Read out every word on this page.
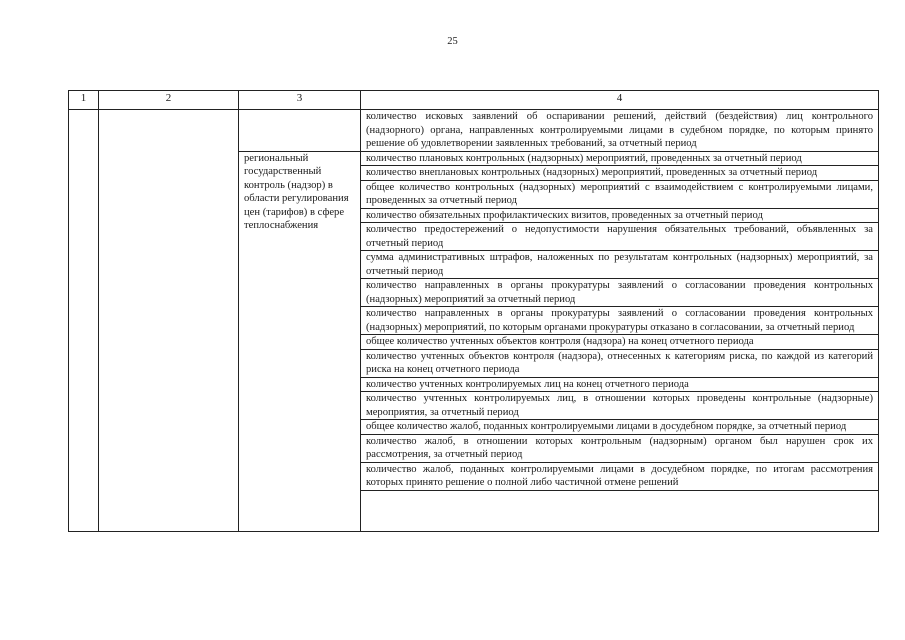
25
1	2	3	4
			количество исковых заявлений об оспаривании решений, действий (бездействия) лиц контрольного (надзорного) органа, направленных контролируемыми лицами в судебном порядке, по которым принято решение об удовлетворении заявленных требований, за отчетный период
		региональный государственный контроль (надзор) в области регулирования цен (тарифов) в сфере теплоснабжения	количество плановых контрольных (надзорных) мероприятий, проведенных за отчетный период
			количество внеплановых контрольных (надзорных) мероприятий, проведенных за отчетный период
			общее количество контрольных (надзорных) мероприятий с взаимодействием с контролируемыми лицами, проведенных за отчетный период
			количество обязательных профилактических визитов, проведенных за отчетный период
			количество предостережений о недопустимости нарушения обязательных требований, объявленных за отчетный период
			сумма административных штрафов, наложенных по результатам контрольных (надзорных) мероприятий, за отчетный период
			количество направленных в органы прокуратуры заявлений о согласовании проведения контрольных (надзорных) мероприятий за отчетный период
			количество направленных в органы прокуратуры заявлений о согласовании проведения контрольных (надзорных) мероприятий, по которым органами прокуратуры отказано в согласовании, за отчетный период
			общее количество учтенных объектов контроля (надзора) на конец отчетного периода
			количество учтенных объектов контроля (надзора), отнесенных к категориям риска, по каждой из категорий риска на конец отчетного периода
			количество учтенных контролируемых лиц на конец отчетного периода
			количество учтенных контролируемых лиц, в отношении которых проведены контрольные (надзорные) мероприятия, за отчетный период
			общее количество жалоб, поданных контролируемыми лицами в досудебном порядке, за отчетный период
			количество жалоб, в отношении которых контрольным (надзорным) органом был нарушен срок их рассмотрения, за отчетный период
			количество жалоб, поданных контролируемыми лицами в досудебном порядке, по итогам рассмотрения которых принято решение о полной либо частичной отмене решений
